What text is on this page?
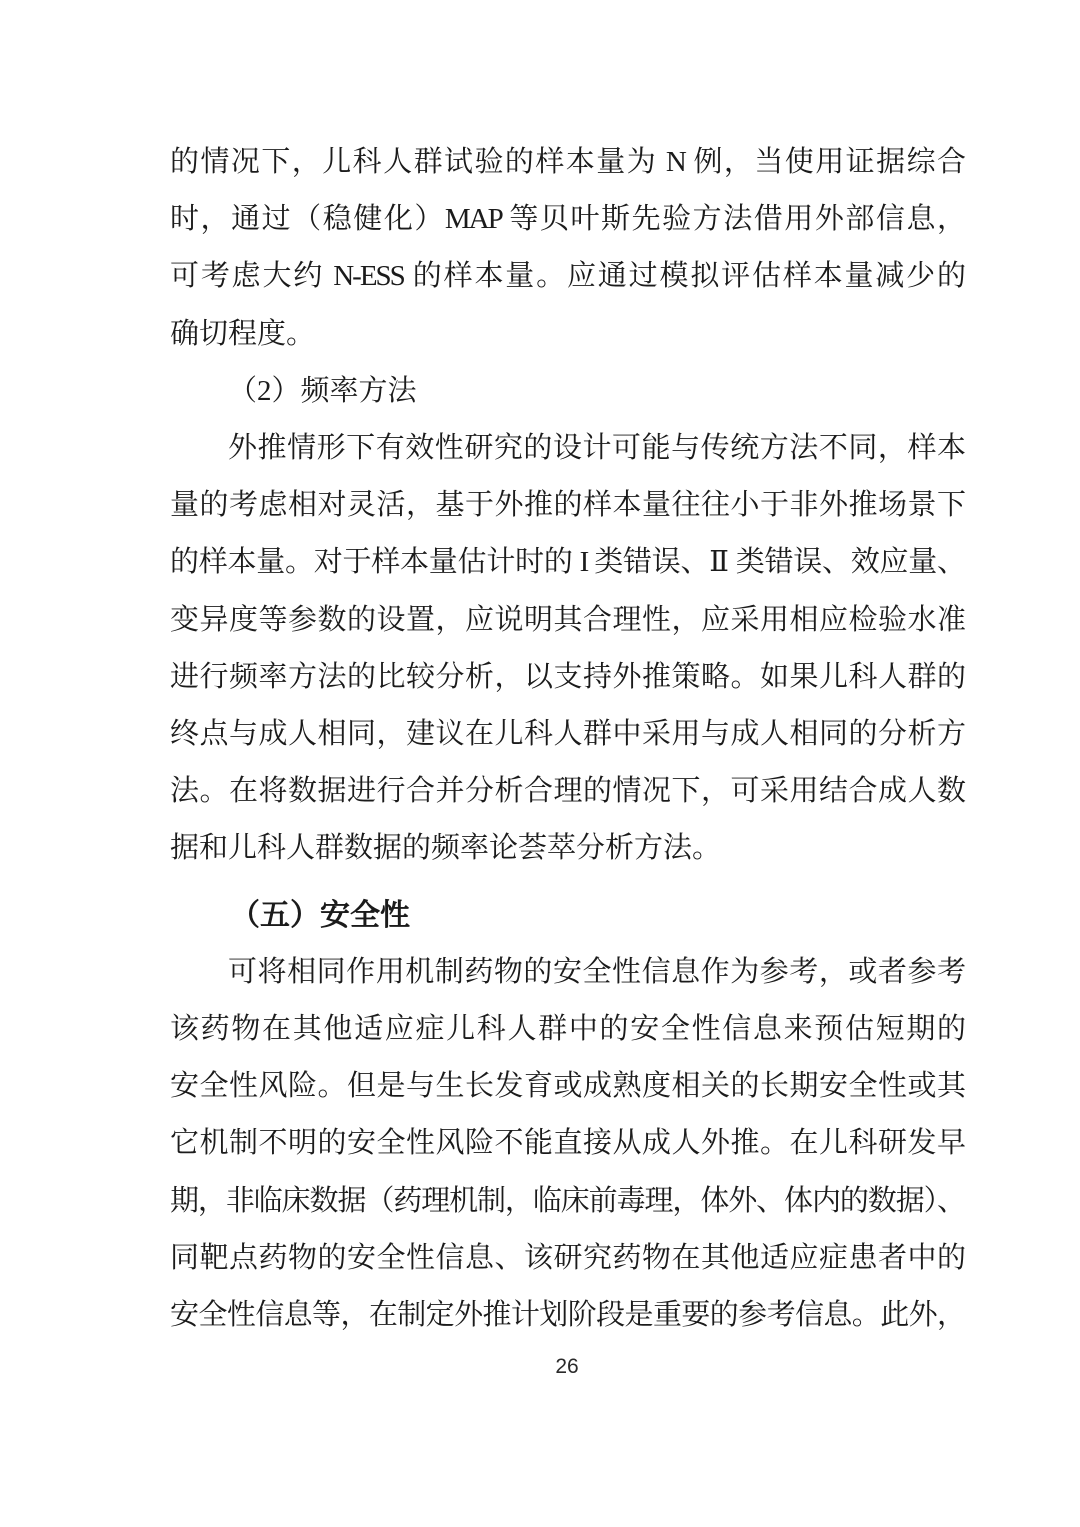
的情况下，儿科人群试验的样本量为 N 例，当使用证据综合
时，通过（稳健化）MAP 等贝叶斯先验方法借用外部信息，
可考虑大约 N-ESS 的样本量。应通过模拟评估样本量减少的
确切程度。
（2）频率方法
外推情形下有效性研究的设计可能与传统方法不同，样本
量的考虑相对灵活，基于外推的样本量往往小于非外推场景下
的样本量。对于样本量估计时的 I 类错误、Ⅱ 类错误、效应量、
变异度等参数的设置，应说明其合理性，应采用相应检验水准
进行频率方法的比较分析，以支持外推策略。如果儿科人群的
终点与成人相同，建议在儿科人群中采用与成人相同的分析方
法。在将数据进行合并分析合理的情况下，可采用结合成人数
据和儿科人群数据的频率论荟萃分析方法。
（五）安全性
可将相同作用机制药物的安全性信息作为参考，或者参考
该药物在其他适应症儿科人群中的安全性信息来预估短期的
安全性风险。但是与生长发育或成熟度相关的长期安全性或其
它机制不明的安全性风险不能直接从成人外推。在儿科研发早
期，非临床数据（药理机制，临床前毒理，体外、体内的数据）、
同靶点药物的安全性信息、该研究药物在其他适应症患者中的
安全性信息等，在制定外推计划阶段是重要的参考信息。此外，
26
